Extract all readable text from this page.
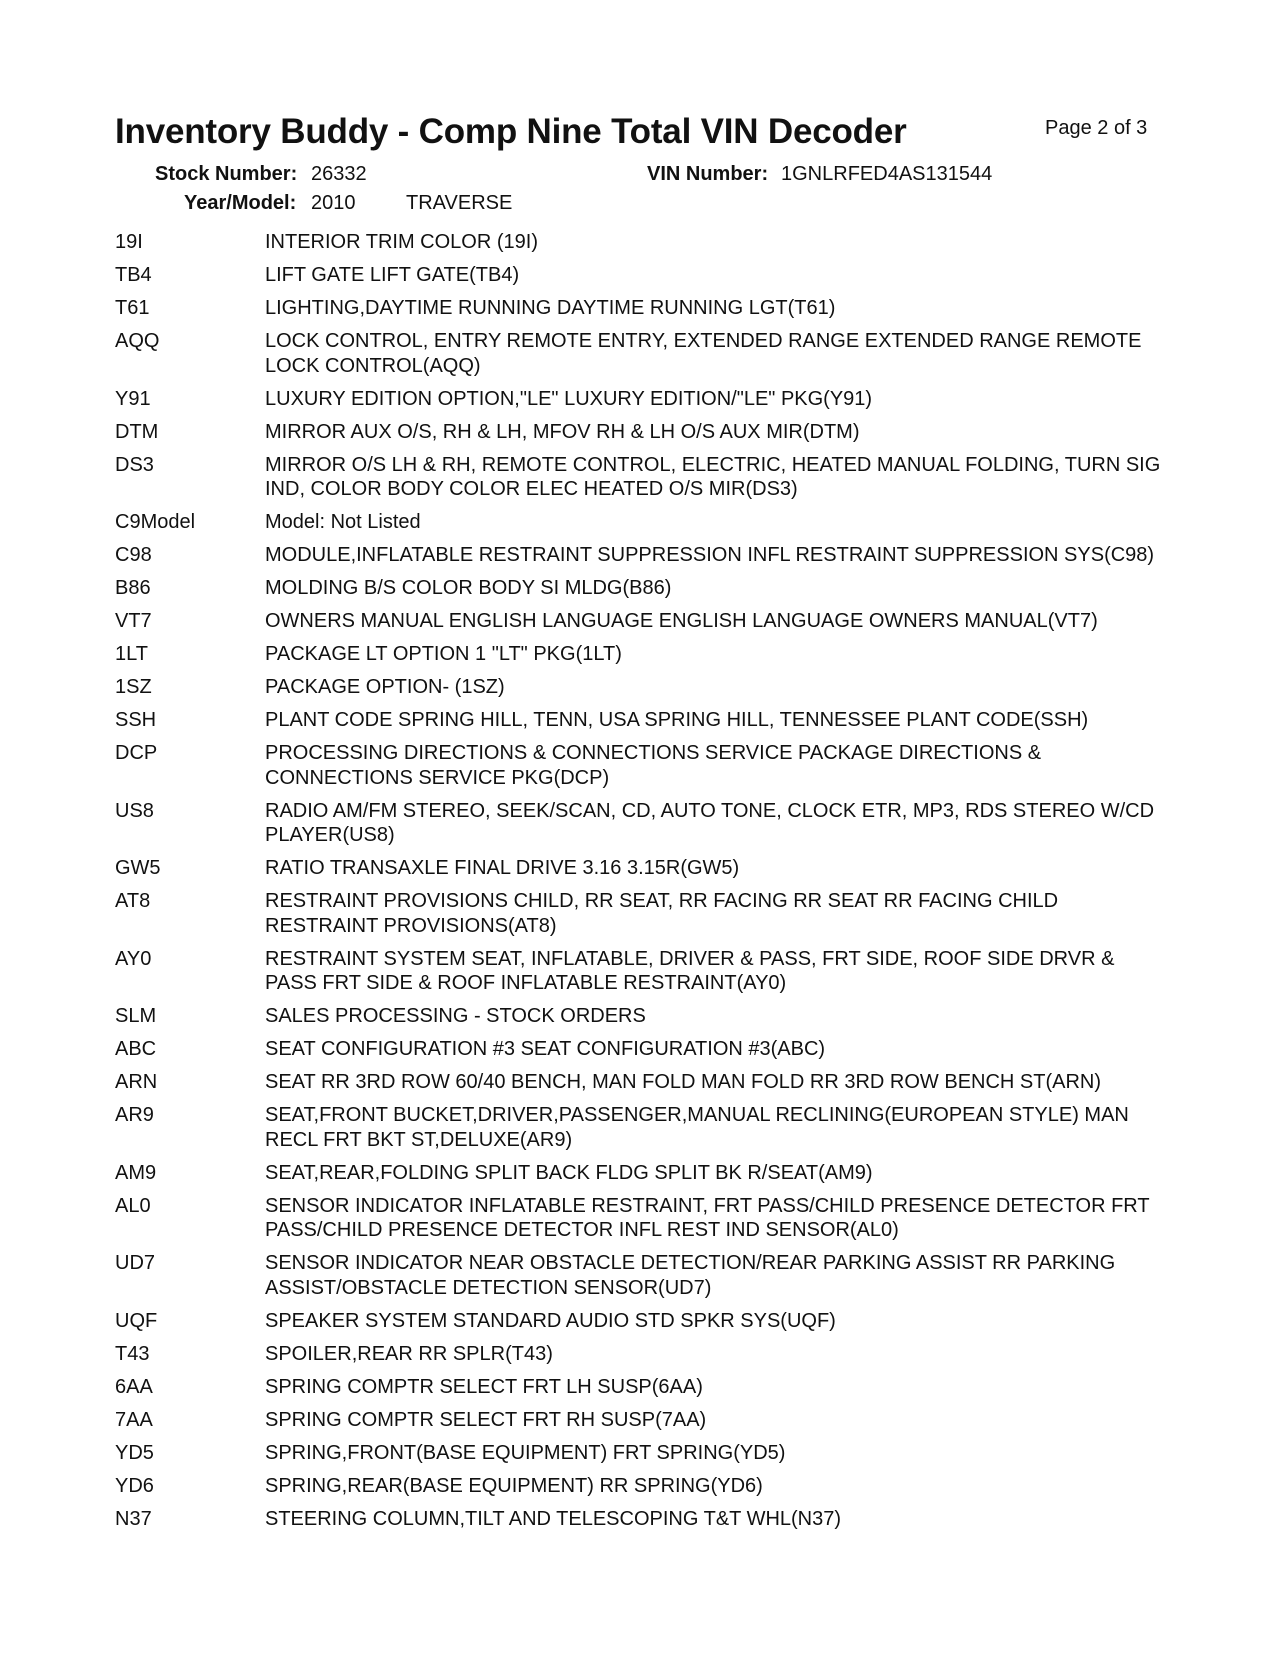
Inventory Buddy - Comp Nine Total VIN Decoder	Page 2 of 3
Stock Number: 26332	VIN Number: 1GNLRFED4AS131544
Year/Model: 2010	TRAVERSE
19I	INTERIOR TRIM COLOR (19I)
TB4	LIFT GATE LIFT GATE(TB4)
T61	LIGHTING,DAYTIME RUNNING DAYTIME RUNNING LGT(T61)
AQQ	LOCK CONTROL, ENTRY REMOTE ENTRY, EXTENDED RANGE EXTENDED RANGE REMOTE LOCK CONTROL(AQQ)
Y91	LUXURY EDITION OPTION,"LE" LUXURY EDITION/"LE" PKG(Y91)
DTM	MIRROR AUX O/S, RH & LH, MFOV RH & LH O/S AUX MIR(DTM)
DS3	MIRROR O/S LH & RH, REMOTE CONTROL, ELECTRIC, HEATED MANUAL FOLDING, TURN SIG IND, COLOR BODY COLOR ELEC HEATED O/S MIR(DS3)
C9Model	Model: Not Listed
C98	MODULE,INFLATABLE RESTRAINT SUPPRESSION INFL RESTRAINT SUPPRESSION SYS(C98)
B86	MOLDING B/S COLOR BODY SI MLDG(B86)
VT7	OWNERS MANUAL ENGLISH LANGUAGE ENGLISH LANGUAGE OWNERS MANUAL(VT7)
1LT	PACKAGE LT OPTION 1 "LT" PKG(1LT)
1SZ	PACKAGE OPTION- (1SZ)
SSH	PLANT CODE SPRING HILL, TENN, USA SPRING HILL, TENNESSEE PLANT CODE(SSH)
DCP	PROCESSING DIRECTIONS & CONNECTIONS SERVICE PACKAGE DIRECTIONS & CONNECTIONS SERVICE PKG(DCP)
US8	RADIO AM/FM STEREO, SEEK/SCAN, CD, AUTO TONE, CLOCK ETR, MP3, RDS STEREO W/CD PLAYER(US8)
GW5	RATIO TRANSAXLE FINAL DRIVE 3.16 3.15R(GW5)
AT8	RESTRAINT PROVISIONS CHILD, RR SEAT, RR FACING RR SEAT RR FACING CHILD RESTRAINT PROVISIONS(AT8)
AY0	RESTRAINT SYSTEM SEAT, INFLATABLE, DRIVER & PASS, FRT SIDE, ROOF SIDE DRVR & PASS FRT SIDE & ROOF INFLATABLE RESTRAINT(AY0)
SLM	SALES PROCESSING - STOCK ORDERS
ABC	SEAT CONFIGURATION #3 SEAT CONFIGURATION #3(ABC)
ARN	SEAT RR 3RD ROW 60/40 BENCH, MAN FOLD MAN FOLD RR 3RD ROW BENCH ST(ARN)
AR9	SEAT,FRONT BUCKET,DRIVER,PASSENGER,MANUAL RECLINING(EUROPEAN STYLE) MAN RECL FRT BKT ST,DELUXE(AR9)
AM9	SEAT,REAR,FOLDING SPLIT BACK FLDG SPLIT BK R/SEAT(AM9)
AL0	SENSOR INDICATOR INFLATABLE RESTRAINT, FRT PASS/CHILD PRESENCE DETECTOR FRT PASS/CHILD PRESENCE DETECTOR INFL REST IND SENSOR(AL0)
UD7	SENSOR INDICATOR NEAR OBSTACLE DETECTION/REAR PARKING ASSIST RR PARKING ASSIST/OBSTACLE DETECTION SENSOR(UD7)
UQF	SPEAKER SYSTEM STANDARD AUDIO STD SPKR SYS(UQF)
T43	SPOILER,REAR RR SPLR(T43)
6AA	SPRING COMPTR SELECT FRT LH SUSP(6AA)
7AA	SPRING COMPTR SELECT FRT RH SUSP(7AA)
YD5	SPRING,FRONT(BASE EQUIPMENT) FRT SPRING(YD5)
YD6	SPRING,REAR(BASE EQUIPMENT) RR SPRING(YD6)
N37	STEERING COLUMN,TILT AND TELESCOPING T&T WHL(N37)
